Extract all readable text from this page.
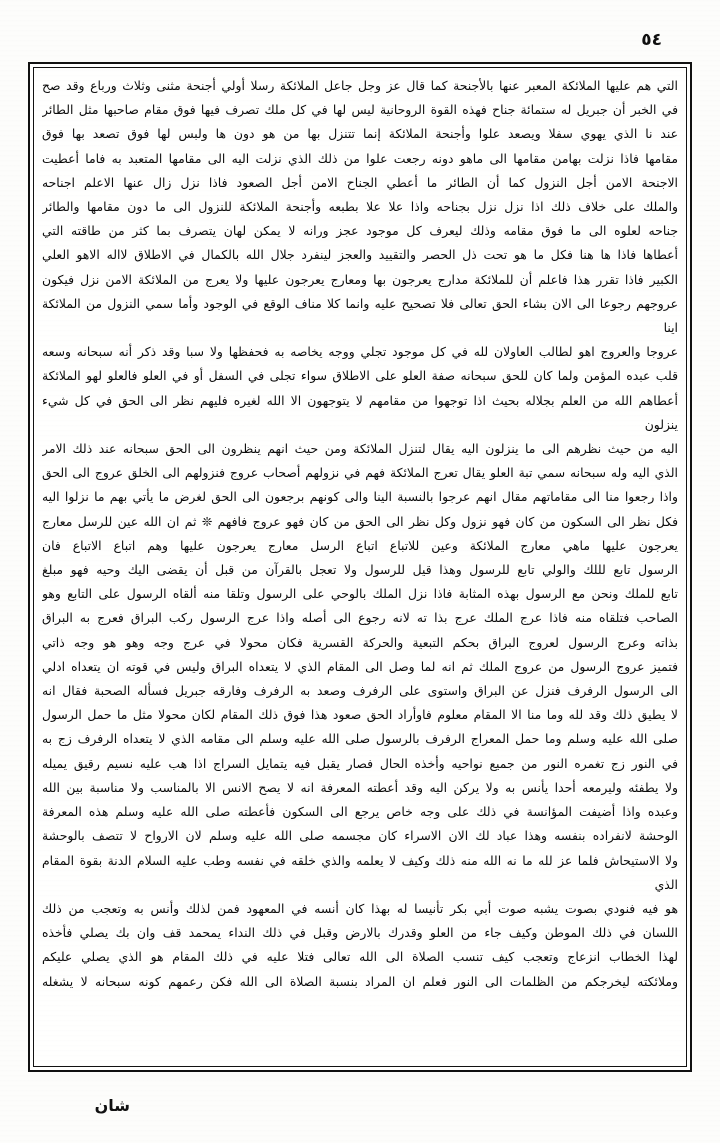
٥٤

التي هم عليها الملائكة المعبر عنها بالأجنحة كما قال عز وجل جاعل الملائكة رسلا أولي أجنحة مثنى وثلاث ورباع وقد صح

في الخبر أن جبريل له ستمائة جناح فهذه القوة الروحانية ليس لها في كل ملك تصرف فيها فوق مقام صاحبها مثل الطائر

عند نا الذي يهوي سفلا ويصعد علوا وأجنحة الملائكة إنما تتنزل بها من هو دون ها ولبس لها فوق تصعد بها فوق

مقامها فاذا نزلت بهامن مقامها الى ماهو دونه رجعت علوا من ذلك الذي نزلت اليه الى مقامها المتعبد به فاما أعطيت

الاجنحة الامن أجل النزول كما أن الطائر ما أعطي الجناح الامن أجل الصعود فاذا نزل زال عنها الاعلم اجناحه

والملك على خلاف ذلك اذا نزل نزل بجناحه واذا علا علا بطبعه وأجنحة الملائكة للنزول الى ما دون مقامها والطائر

جناحه لعلوه الى ما فوق مقامه وذلك ليعرف كل موجود عجز ورانه لا يمكن لهان يتصرف بما كثر من طاقته التي

أعطاها فاذا ها هنا فكل ما هو تحت ذل الحصر والتقييد والعجز لينفرد جلال الله بالكمال في الاطلاق لااله الاهو العلي

الكبير فاذا تقرر هذا فاعلم أن للملائكة مدارج يعرجون بها ومعارج يعرجون عليها ولا يعرج من الملائكة الامن نزل فيكون

عروجهم رجوعا الى الان بشاء الحق تعالى فلا تصحيح عليه وانما كلا مناف الوقع في الوجود وأما سمي النزول من الملائكة اينا

عروجا والعروج اهو لطالب العاولان لله في كل موجود تجلي ووجه يخاصه به فحفظها ولا سبا وقد ذكر أنه سبحانه وسعه

قلب عبده المؤمن ولما كان للحق سبحانه صفة العلو على الاطلاق سواء تجلى في السفل أو في العلو فالعلو لهو الملائكة

أعطاهم الله من العلم بجلاله بحيث اذا توجهوا من مقامهم لا يتوجهون الا الله لغيره فليهم نظر الى الحق في كل شيء ينزلون

اليه من حيث نظرهم الى ما ينزلون اليه يقال لتنزل الملائكة ومن حيث انهم ينظرون الى الحق سبحانه عند ذلك الامر

الذي اليه وله سبحانه سمي تبة العلو يقال تعرج الملائكة فهم في نزولهم أصحاب عروج فنزولهم الى الخلق عروج الى الحق

واذا رجعوا منا الى مقاماتهم مقال انهم عرجوا بالنسبة الينا والى كونهم برجعون الى الحق لغرض ما يأتي بهم ما نزلوا اليه

فكل نظر الى السكون من كان فهو نزول وكل نظر الى الحق من كان فهو عروج فافهم ❊ ثم ان الله عين للرسل معارج

يعرجون عليها ماهي معارج الملائكة وعين للاتباع اتباع الرسل معارج يعرجون عليها وهم اتباع الاتباع فان

الرسول تابع لللك والولي تابع للرسول وهذا قيل للرسول ولا تعجل بالقرآن من قبل أن يقضى اليك وحيه فهو مبلغ

تابع للملك ونحن مع الرسول بهذه المثابة فاذا نزل الملك بالوحي على الرسول وتلقا منه ألقاه الرسول على التابع وهو

الصاحب فتلقاه منه فاذا عرج الملك عرج بذا ته لانه رجوع الى أصله واذا عرج الرسول ركب البراق فعرج به البراق

بذاته وعرج الرسول لعروج البراق بحكم التبعية والحركة القسرية فكان محولا في عرج وجه وهو هو وجه ذاتي

فتميز عروج الرسول من عروج الملك ثم انه لما وصل الى المقام الذي لا يتعداه البراق وليس في قوته ان يتعداه ادلي

الى الرسول الرفرف فنزل عن البراق واستوى على الرفرف وصعد به الرفرف وفارقه جبريل فسأله الصحبة فقال انه

لا يطيق ذلك وقد لله وما منا الا المقام معلوم فاوأراد الحق صعود هذا فوق ذلك المقام لكان محولا مثل ما حمل الرسول

صلى الله عليه وسلم وما حمل المعراج الرفرف بالرسول صلى الله عليه وسلم الى مقامه الذي لا يتعداه الرفرف زج به

في النور زج تغمره النور من جميع نواحيه وأخذه الحال فصار يقبل فيه يتمايل السراج اذا هب عليه نسيم رقيق يميله

ولا يطفئه وليرمعه أحدا يأنس به ولا يركن اليه وقد أعطته المعرفة انه لا يصح الانس الا بالمناسب ولا مناسبة بين الله

وعبده واذا أضيفت المؤانسة في ذلك على وجه خاص يرجع الى السكون فأعطته صلى الله عليه وسلم هذه المعرفة

الوحشة لانفراده بنفسه وهذا عباد لك الان الاسراء كان مجسمه صلى الله عليه وسلم لان الارواح لا تتصف بالوحشة

ولا الاستيحاش فلما عز لله ما نه الله منه ذلك وكيف لا يعلمه والذي خلقه في نفسه وطب عليه السلام الدنة بقوة المقام الذي

هو فيه فنودي بصوت يشبه صوت أبي بكر تأنيسا له بهذا كان أنسه في المعهود فمن لذلك وأنس به وتعجب من ذلك

اللسان في ذلك الموطن وكيف جاء من العلو وقدرك بالارض وقبل في ذلك النداء يمحمد قف وان بك يصلي فأخذه

لهذا الخطاب انزعاج وتعجب كيف تنسب الصلاة الى الله تعالى فتلا عليه في ذلك المقام هو الذي يصلي عليكم

وملائكته ليخرجكم من الظلمات الى النور فعلم ان المراد بنسبة الصلاة الى الله فكن رعمهم كونه سبحانه لا يشغله

شان
